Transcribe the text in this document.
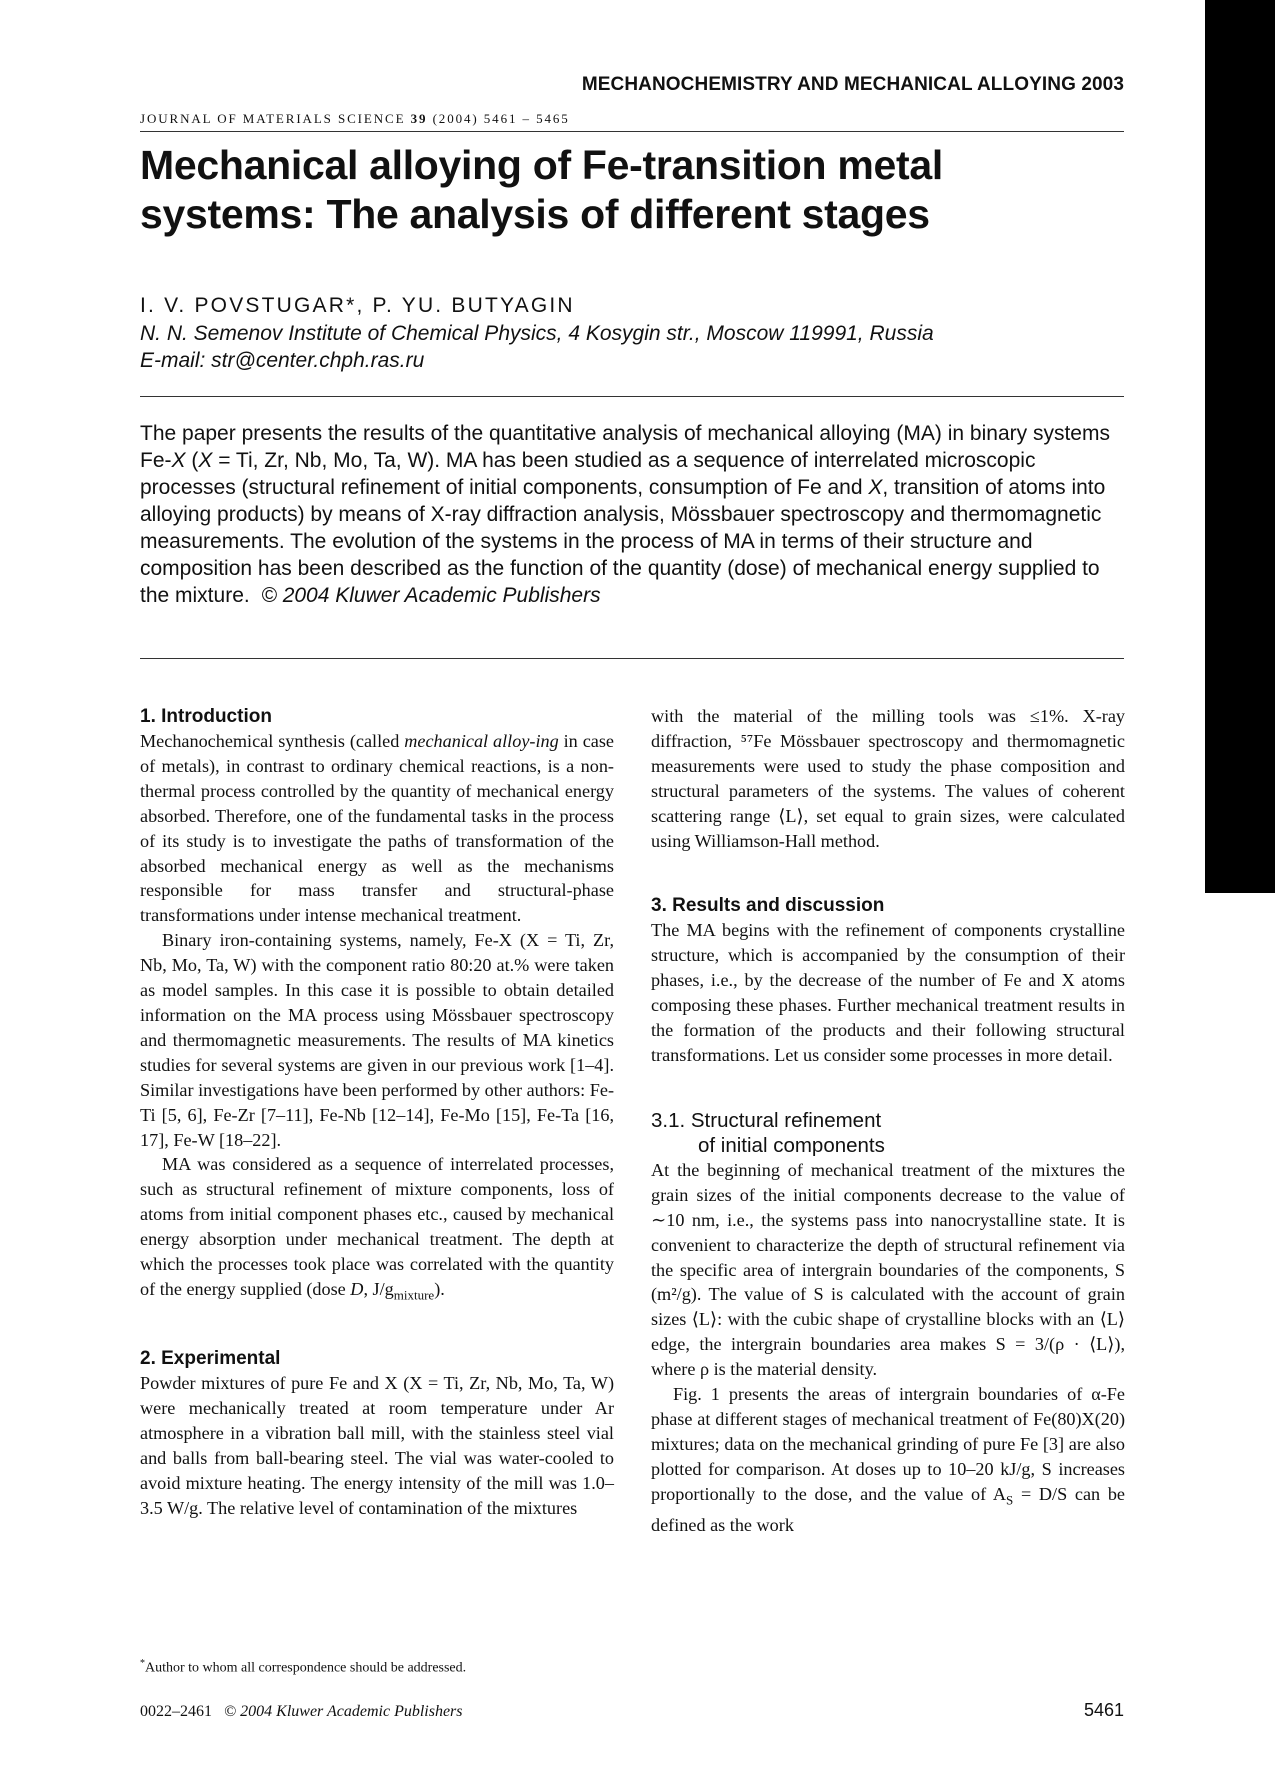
MECHANOCHEMISTRY AND MECHANICAL ALLOYING 2003
JOURNAL OF MATERIALS SCIENCE 39 (2004) 5461 – 5465
Mechanical alloying of Fe-transition metal
systems: The analysis of different stages
I. V. POVSTUGAR*, P. YU. BUTYAGIN
N. N. Semenov Institute of Chemical Physics, 4 Kosygin str., Moscow 119991, Russia
E-mail: str@center.chph.ras.ru
The paper presents the results of the quantitative analysis of mechanical alloying (MA) in binary systems Fe-X (X = Ti, Zr, Nb, Mo, Ta, W). MA has been studied as a sequence of interrelated microscopic processes (structural refinement of initial components, consumption of Fe and X, transition of atoms into alloying products) by means of X-ray diffraction analysis, Mössbauer spectroscopy and thermomagnetic measurements. The evolution of the systems in the process of MA in terms of their structure and composition has been described as the function of the quantity (dose) of mechanical energy supplied to the mixture. © 2004 Kluwer Academic Publishers
1. Introduction

Mechanochemical synthesis (called mechanical alloy-ing in case of metals), in contrast to ordinary chemical reactions, is a non-thermal process controlled by the quantity of mechanical energy absorbed. Therefore, one of the fundamental tasks in the process of its study is to investigate the paths of transformation of the absorbed mechanical energy as well as the mechanisms responsible for mass transfer and structural-phase transformations under intense mechanical treatment.

Binary iron-containing systems, namely, Fe-X (X = Ti, Zr, Nb, Mo, Ta, W) with the component ratio 80:20 at.% were taken as model samples. In this case it is possible to obtain detailed information on the MA process using Mössbauer spectroscopy and thermomagnetic measurements. The results of MA kinetics studies for several systems are given in our previous work [1–4]. Similar investigations have been performed by other authors: Fe-Ti [5, 6], Fe-Zr [7–11], Fe-Nb [12–14], Fe-Mo [15], Fe-Ta [16, 17], Fe-W [18–22].

MA was considered as a sequence of interrelated processes, such as structural refinement of mixture components, loss of atoms from initial component phases etc., caused by mechanical energy absorption under mechanical treatment. The depth at which the processes took place was correlated with the quantity of the energy supplied (dose D, $J/g_{mixture}$).

2. Experimental

Powder mixtures of pure Fe and X (X = Ti, Zr, Nb, Mo, Ta, W) were mechanically treated at room temperature under Ar atmosphere in a vibration ball mill, with the stainless steel vial and balls from ball-bearing steel. The vial was water-cooled to avoid mixture heating. The energy intensity of the mill was 1.0–3.5 W/g. The relative level of contamination of the mixtures

with the material of the milling tools was ≤1%. X-ray diffraction, ⁵⁷Fe Mössbauer spectroscopy and thermomagnetic measurements were used to study the phase composition and structural parameters of the systems. The values of coherent scattering range ⟨L⟩, set equal to grain sizes, were calculated using Williamson-Hall method.

3. Results and discussion

The MA begins with the refinement of components crystalline structure, which is accompanied by the consumption of their phases, i.e., by the decrease of the number of Fe and X atoms composing these phases. Further mechanical treatment results in the formation of the products and their following structural transformations. Let us consider some processes in more detail.

3.1. Structural refinement
of initial components

At the beginning of mechanical treatment of the mixtures the grain sizes of the initial components decrease to the value of ∼10 nm, i.e., the systems pass into nanocrystalline state. It is convenient to characterize the depth of structural refinement via the specific area of intergrain boundaries of the components, S (m²/g). The value of S is calculated with the account of grain sizes ⟨L⟩: with the cubic shape of crystalline blocks with an ⟨L⟩ edge, the intergrain boundaries area makes S = 3/(ρ · ⟨L⟩), where ρ is the material density.

Fig. 1 presents the areas of intergrain boundaries of α-Fe phase at different stages of mechanical treatment of Fe(80)X(20) mixtures; data on the mechanical grinding of pure Fe [3] are also plotted for comparison. At doses up to 10–20 kJ/g, S increases proportionally to the dose, and the value of $A_S = D/S$ can be defined as the work

*Author to whom all correspondence should be addressed.
0022–2461 © 2004 Kluwer Academic Publishers	5461
